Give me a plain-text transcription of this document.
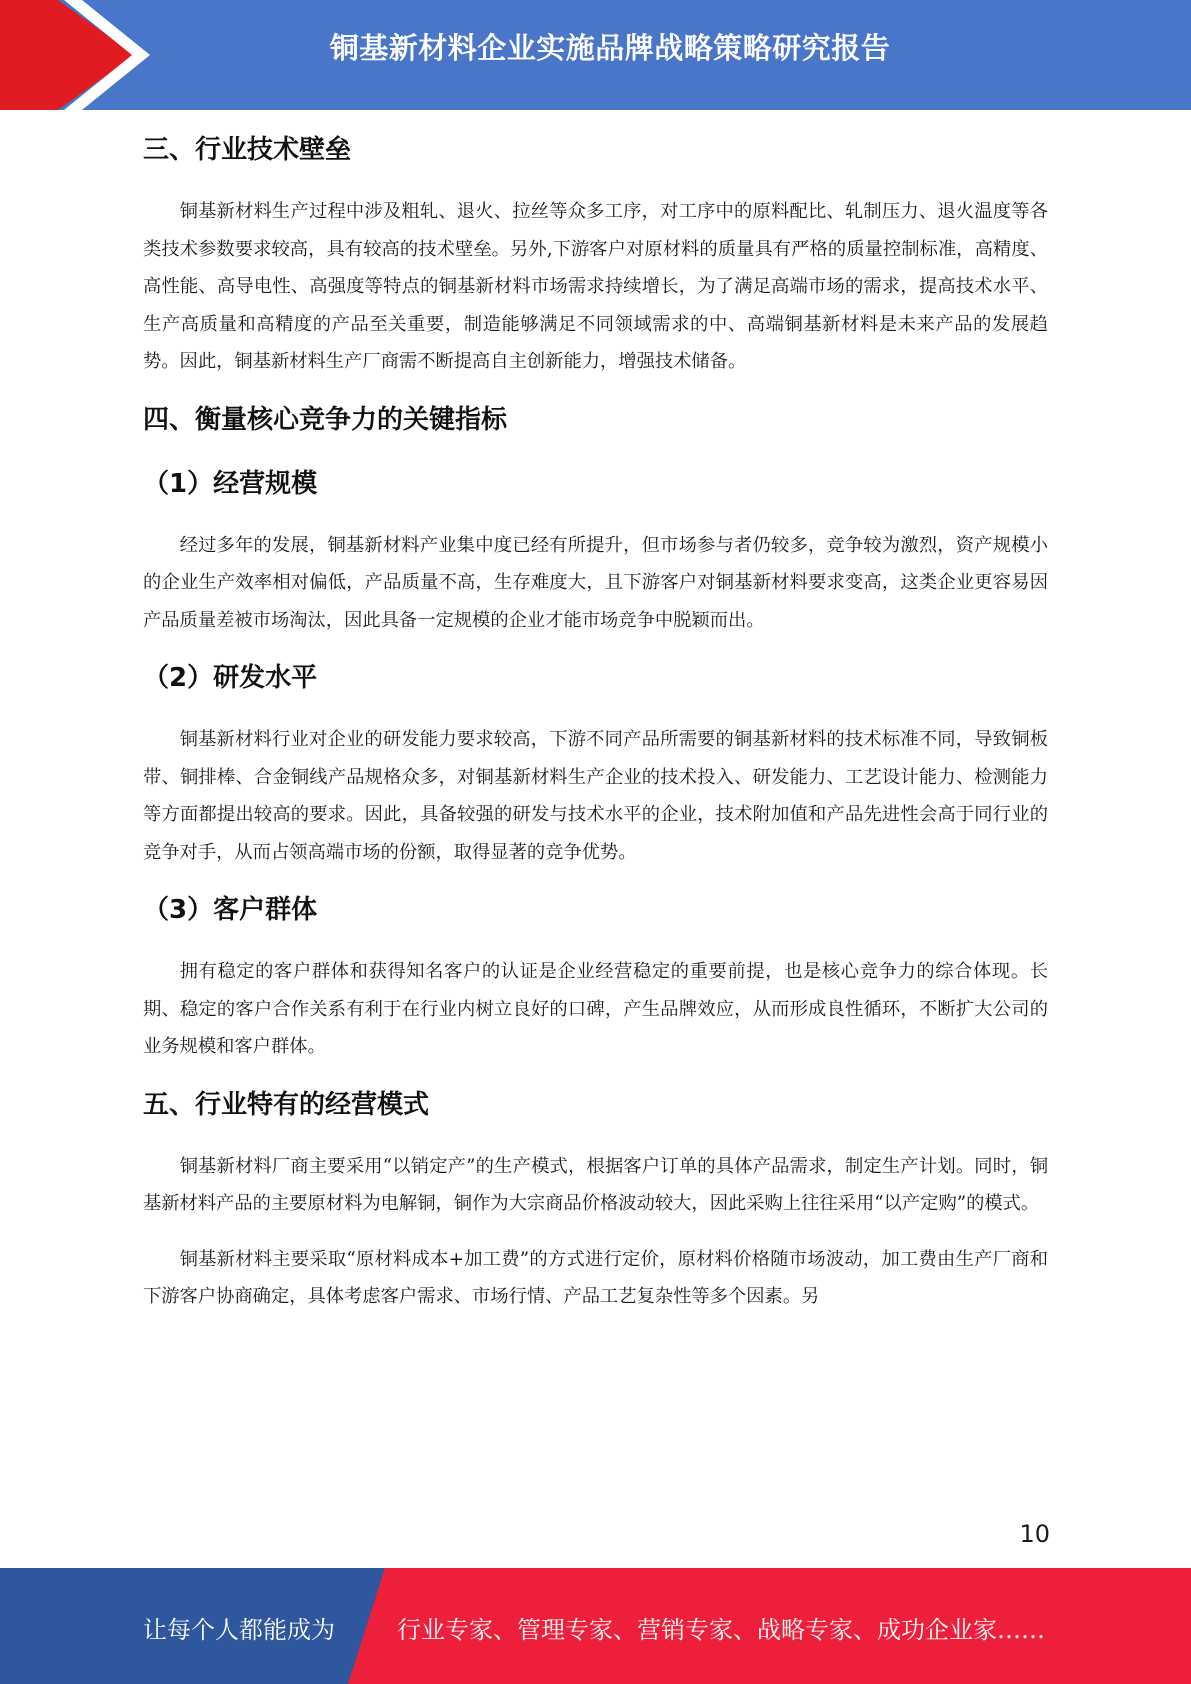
铜基新材料企业实施品牌战略策略研究报告
三、行业技术壁垒

铜基新材料生产过程中涉及粗轧、退火、拉丝等众多工序，对工序中的原料配比、轧制压力、退火温度等各类技术参数要求较高，具有较高的技术壁垒。另外,下游客户对原材料的质量具有严格的质量控制标准，高精度、高性能、高导电性、高强度等特点的铜基新材料市场需求持续增长，为了满足高端市场的需求，提高技术水平、生产高质量和高精度的产品至关重要，制造能够满足不同领域需求的中、高端铜基新材料是未来产品的发展趋势。因此，铜基新材料生产厂商需不断提高自主创新能力，增强技术储备。

四、衡量核心竞争力的关键指标
（1）经营规模

经过多年的发展，铜基新材料产业集中度已经有所提升，但市场参与者仍较多，竞争较为激烈，资产规模小的企业生产效率相对偏低，产品质量不高，生存难度大，且下游客户对铜基新材料要求变高，这类企业更容易因产品质量差被市场淘汰，因此具备一定规模的企业才能市场竞争中脱颖而出。

（2）研发水平

铜基新材料行业对企业的研发能力要求较高，下游不同产品所需要的铜基新材料的技术标准不同，导致铜板带、铜排棒、合金铜线产品规格众多，对铜基新材料生产企业的技术投入、研发能力、工艺设计能力、检测能力等方面都提出较高的要求。因此，具备较强的研发与技术水平的企业，技术附加值和产品先进性会高于同行业的竞争对手，从而占领高端市场的份额，取得显著的竞争优势。

（3）客户群体

拥有稳定的客户群体和获得知名客户的认证是企业经营稳定的重要前提，也是核心竞争力的综合体现。长期、稳定的客户合作关系有利于在行业内树立良好的口碑，产生品牌效应，从而形成良性循环，不断扩大公司的业务规模和客户群体。

五、行业特有的经营模式

铜基新材料厂商主要采用“以销定产”的生产模式，根据客户订单的具体产品需求，制定生产计划。同时，铜基新材料产品的主要原材料为电解铜，铜作为大宗商品价格波动较大，因此采购上往往采用“以产定购”的模式。

铜基新材料主要采取“原材料成本+加工费”的方式进行定价，原材料价格随市场波动，加工费由生产厂商和下游客户协商确定，具体考虑客户需求、市场行情、产品工艺复杂性等多个因素。另

10
让每个人都能成为	行业专家、管理专家、营销专家、战略专家、成功企业家……
